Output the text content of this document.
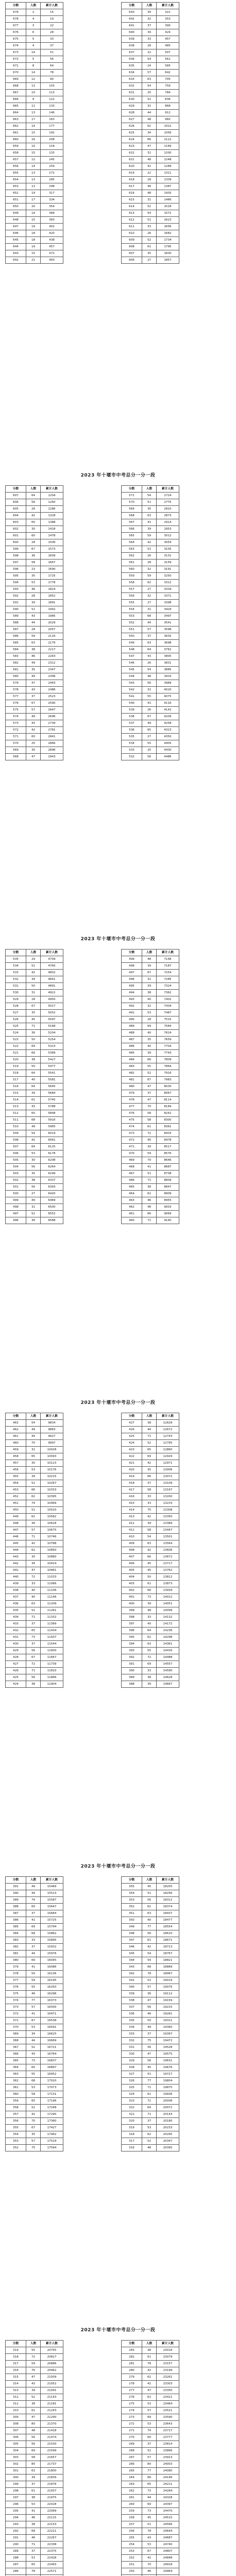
分数	人数	累计人数
679	2	15
678	4	19
677	3	22
676	6	28
675	5	33
674	4	37
673	14	51
672	5	56
671	8	64
670	14	78
669	12	90
668	13	103
667	10	113
666	9	122
665	11	133
664	13	146
663	17	163
662	14	177
661	15	192
660	16	208
659	10	218
658	15	233
657	12	245
656	14	259
655	13	272
654	13	285
653	13	298
652	19	317
651	17	334
650	20	354
649	14	368
648	15	383
647	19	402
646	18	420
645	18	438
644	19	457
643	15	472
642	21	493
分数	人数	累计人数
643	34	321
642	32	353
641	37	390
640	34	424
639	33	457
638	28	485
637	22	507
636	54	561
635	24	585
634	57	642
633	63	705
632	54	759
631	25	784
630	52	836
629	32	868
628	44	912
627	48	960
626	62	1022
625	34	1056
624	66	1122
623	47	1169
622	31	1200
621	48	1248
620	41	1289
619	22	1311
618	28	1339
617	48	1387
616	48	1435
615	31	1466
614	52	1518
613	54	1572
612	51	1623
611	33	1656
610	26	1682
609	52	1734
608	61	1795
607	35	1830
606	27	1857
2023 年十堰市中考总分一分一段
分数	人数	累计人数
607	64	1204
606	56	1260
605	26	1286
604	42	1328
603	60	1388
602	30	1418
601	60	1478
600	28	1506
599	67	1573
598	36	1609
597	58	1667
596	23	1690
595	35	1725
594	53	1778
593	46	1824
592	28	1852
591	39	1891
590	51	1942
589	43	1985
588	44	2029
587	28	2057
586	59	2116
585	63	2179
584	38	2217
583	46	2263
582	49	2312
581	35	2347
580	49	2396
579	47	2443
578	43	2486
577	37	2523
576	67	2590
575	57	2647
574	49	2696
573	43	2739
572	42	2781
571	60	2841
570	25	2866
569	30	2896
568	47	2943
分数	人数	累计人数
571	54	2724
570	51	2775
569	35	2810
568	63	2873
567	41	2914
566	39	2953
565	59	3012
564	42	3054
563	51	3105
562	26	3131
561	28	3159
560	32	3191
559	59	3250
558	62	3312
557	27	3339
556	32	3371
555	27	3398
554	31	3429
553	68	3497
552	44	3541
551	57	3598
550	37	3635
549	63	3698
548	64	3762
547	43	3805
546	26	3831
545	54	3885
544	48	3933
543	56	3989
542	31	4020
541	55	4075
540	41	4116
539	26	4142
538	67	4209
537	49	4258
536	65	4323
535	27	4350
534	55	4405
533	25	4430
532	56	4486
2023 年十堰市中考总分一分一段
分数	人数	累计人数
535	29	4709
534	51	4760
533	42	4802
532	39	4841
531	50	4891
530	31	4922
529	28	4950
528	67	5017
527	35	5052
526	45	5097
525	71	5168
524	36	5204
523	50	5254
522	69	5323
521	66	5389
520	38	5427
519	50	5477
518	64	5541
517	40	5581
516	64	5645
515	39	5684
514	61	5745
513	43	5788
512	60	5848
511	68	5916
510	49	5965
509	54	6019
508	42	6061
507	64	6125
506	53	6178
505	30	6208
504	56	6264
503	35	6299
502	38	6337
501	56	6393
500	27	6420
499	49	6469
498	31	6500
497	52	6552
496	36	6588
分数	人数	累计人数
499	48	7148
498	39	7187
497	67	7254
496	31	7285
495	39	7324
494	38	7362
493	40	7402
492	32	7434
491	53	7487
490	28	7515
489	69	7584
488	40	7624
487	35	7659
486	45	7704
485	39	7743
484	66	7809
483	55	7864
482	52	7916
481	67	7983
480	47	8030
479	37	8067
478	47	8114
477	70	8184
476	58	8242
475	58	8300
474	61	8361
473	72	8433
472	45	8478
471	39	8517
470	59	8576
469	70	8646
468	41	8687
467	51	8738
466	71	8809
465	38	8847
464	62	8909
463	46	8955
462	48	9003
461	66	9069
460	71	9140
2023 年十堰市中考总分一分一段
分数	人数	累计人数
463	54	9834
462	49	9883
461	44	9927
460	70	9997
459	31	10028
458	65	10093
457	30	10123
456	53	10176
455	39	10215
454	52	10267
453	66	10333
452	62	10395
451	74	10469
450	51	10520
449	62	10582
448	36	10618
447	57	10675
446	71	10746
445	42	10788
444	62	10850
443	30	10880
442	34	10914
441	47	10961
440	72	11033
439	33	11066
438	40	11106
437	40	11146
436	63	11209
435	52	11261
434	71	11332
433	37	11369
432	65	11434
431	73	11507
430	37	11544
429	56	11600
428	67	11667
427	72	11739
426	71	11810
425	56	11866
424	38	11904
分数	人数	累计人数
427	38	12628
426	44	12672
425	71	12743
424	52	12795
423	65	12860
422	69	12929
421	42	12971
420	35	13006
419	66	13072
418	37	13109
417	58	13167
416	33	13200
415	33	13233
414	75	13308
413	42	13350
412	39	13389
411	58	13447
410	54	13501
409	63	13564
408	42	13606
407	66	13672
406	45	13717
405	45	13762
404	50	13812
403	61	13873
402	66	13939
401	73	14012
400	39	14051
399	48	14099
398	33	14132
397	40	14172
396	64	14236
395	62	14298
394	63	14361
393	55	14416
392	72	14488
391	69	14557
390	33	14590
389	38	14628
388	39	14667
2023 年十堰市中考总分一分一段
分数	人数	累计人数
391	49	15469
390	44	15513
389	74	15587
388	60	15647
387	37	15684
386	41	15725
385	69	15794
384	68	15862
383	33	15895
382	37	15932
381	44	15976
380	69	16045
379	41	16086
378	50	16136
377	59	16195
376	55	16250
375	46	16296
374	77	16373
373	57	16430
372	41	16471
371	67	16538
370	53	16591
369	34	16625
368	44	16669
367	52	16721
366	43	16764
365	73	16837
364	60	16897
363	55	16952
362	68	17020
361	53	17073
360	58	17131
359	65	17196
358	52	17248
357	42	17290
356	70	17360
355	67	17427
354	35	17462
353	57	17519
352	75	17594
分数	人数	累计人数
355	45	18205
354	51	18256
353	56	18312
352	62	18374
351	63	18437
350	40	18477
349	77	18554
348	56	18610
347	61	18671
346	42	18713
345	54	18767
344	54	18821
343	68	18889
342	78	18967
341	52	19019
340	57	19076
339	36	19112
338	47	19159
337	56	19215
336	46	19261
335	50	19311
334	49	19360
333	37	19397
332	75	19472
331	56	19528
330	47	19575
329	56	19631
328	45	19676
327	51	19727
326	77	19804
325	71	19875
324	61	19936
323	72	20008
322	64	20072
321	71	20143
320	37	20180
319	53	20233
318	62	20295
317	52	20347
316	48	20395
2023 年十堰市中考总分一分一段
分数	人数	累计人数
319	55	20755
318	72	20827
317	59	20886
316	76	20962
315	47	21009
314	43	21052
313	39	21091
312	52	21143
311	38	21181
310	62	21243
309	47	21290
308	80	21370
307	48	21418
306	56	21474
305	56	21530
304	69	21599
303	58	21657
302	80	21737
301	63	21800
300	39	21839
299	37	21876
298	61	21937
297	38	21975
296	53	22028
295	41	22069
294	46	22115
293	38	22153
292	68	22221
291	46	22267
290	71	22338
289	37	22375
288	53	22428
287	65	22493
286	78	22571

分数	人数	累计人数
283	38	23018
282	61	23079
281	78	23157
280	42	23199
279	62	23261
278	42	23303
277	47	23350
276	61	23411
275	53	23464
274	57	23521
273	69	23590
272	53	23643
271	74	23717
270	60	23777
269	37	23814
268	52	23866
267	57	23923
266	80	24003
265	77	24080
264	66	24146
263	65	24211
262	73	24284
261	44	24328
260	69	24397
259	73	24470
258	45	24515
257	51	24566
256	78	24644
255	43	24687
254	53	24740
253	67	24807
252	41	24848
251	70	24918
250	46	24964
